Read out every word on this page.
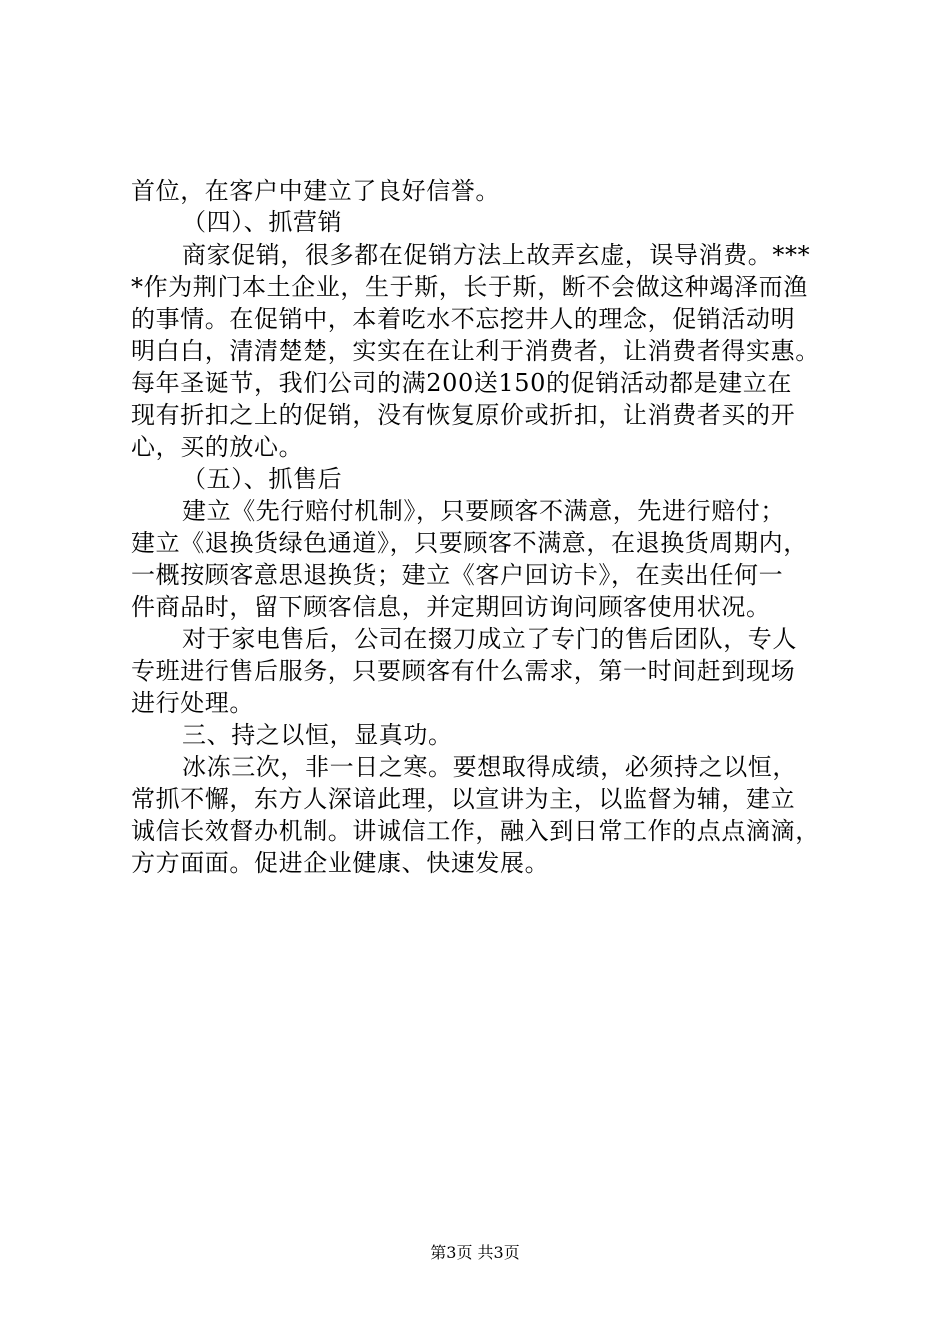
首位，在客户中建立了良好信誉。
（四）、抓营销
商家促销，很多都在促销方法上故弄玄虚，误导消费。***
*作为荆门本土企业，生于斯，长于斯，断不会做这种竭泽而渔
的事情。在促销中，本着吃水不忘挖井人的理念，促销活动明
明白白，清清楚楚，实实在在让利于消费者，让消费者得实惠。
每年圣诞节，我们公司的满200送150的促销活动都是建立在
现有折扣之上的促销，没有恢复原价或折扣，让消费者买的开
心，买的放心。
（五）、抓售后
建立《先行赔付机制》，只要顾客不满意，先进行赔付；
建立《退换货绿色通道》，只要顾客不满意，在退换货周期内，
一概按顾客意思退换货；建立《客户回访卡》，在卖出任何一
件商品时，留下顾客信息，并定期回访询问顾客使用状况。
对于家电售后，公司在掇刀成立了专门的售后团队，专人
专班进行售后服务，只要顾客有什么需求，第一时间赶到现场
进行处理。
三、持之以恒，显真功。
冰冻三次，非一日之寒。要想取得成绩，必须持之以恒，
常抓不懈，东方人深谙此理，以宣讲为主，以监督为辅，建立
诚信长效督办机制。讲诚信工作，融入到日常工作的点点滴滴，
方方面面。促进企业健康、快速发展。
第3页 共3页
